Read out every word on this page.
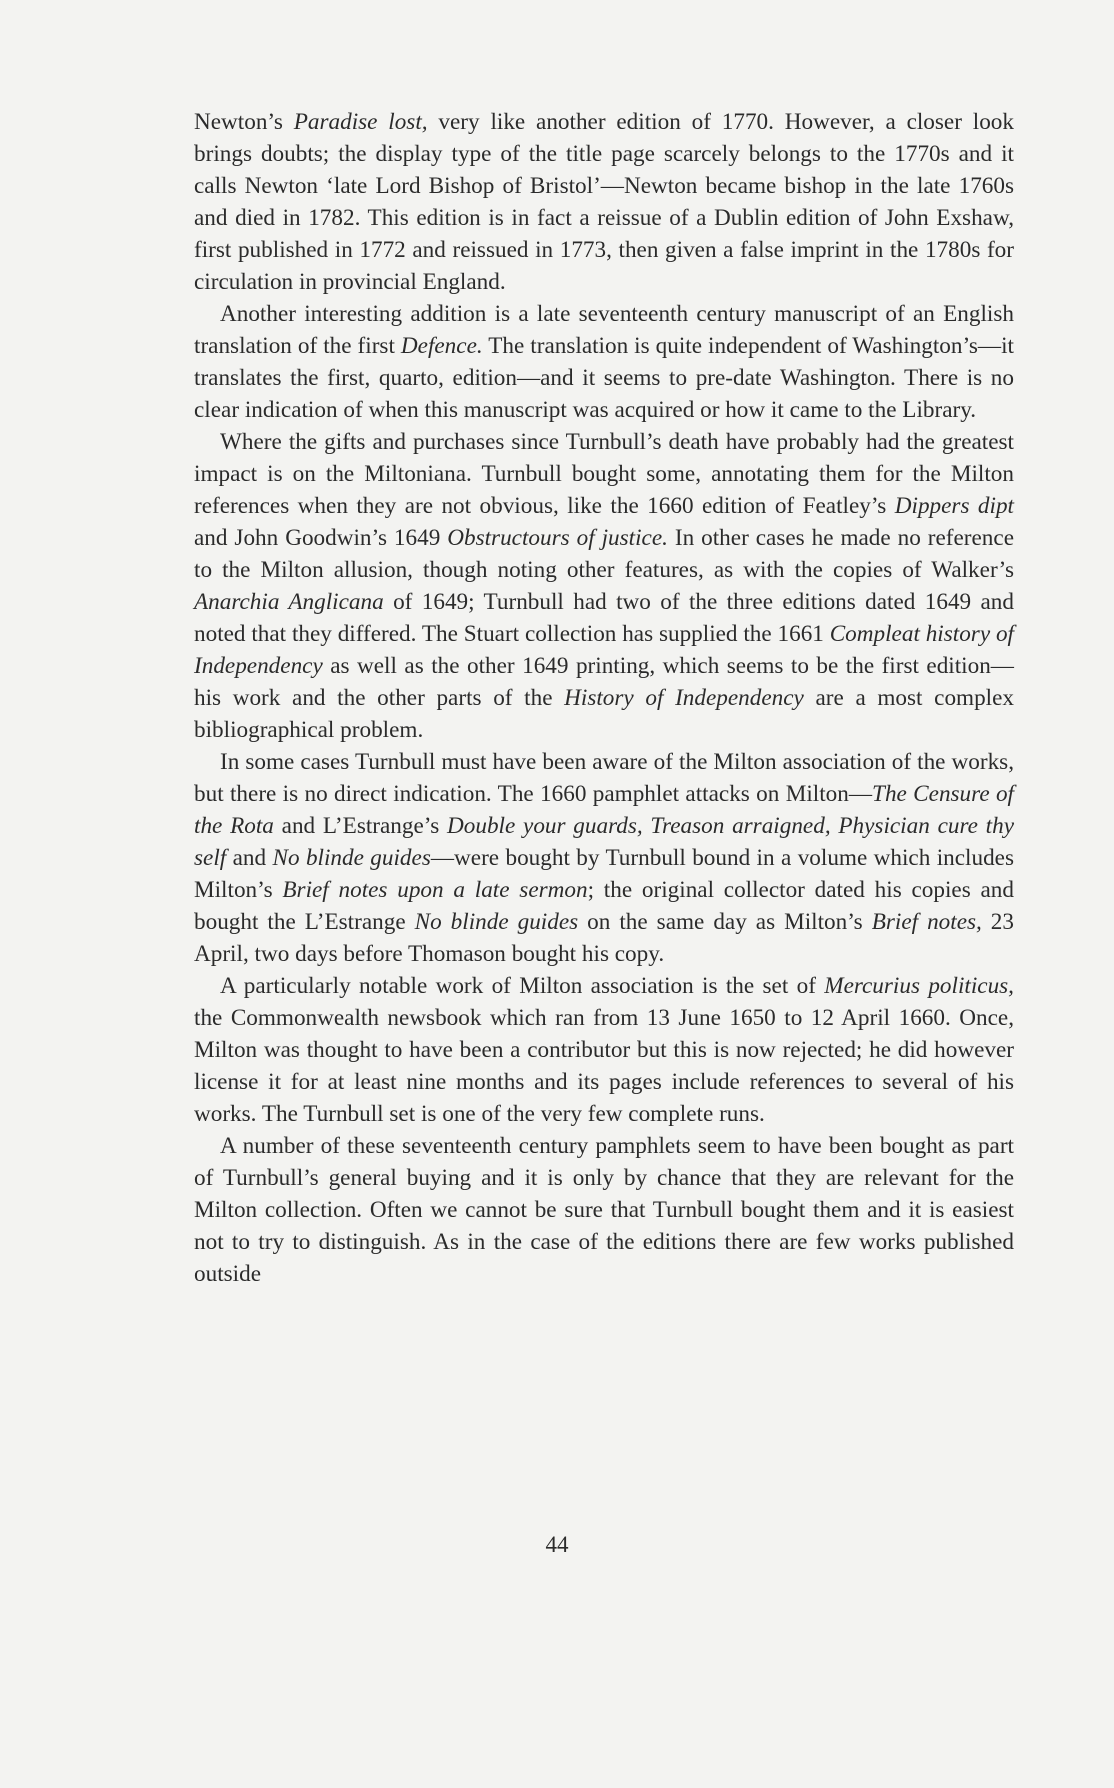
Newton’s Paradise lost, very like another edition of 1770. However, a closer look brings doubts; the display type of the title page scarcely belongs to the 1770s and it calls Newton ‘late Lord Bishop of Bristol’—Newton became bishop in the late 1760s and died in 1782. This edition is in fact a reissue of a Dublin edition of John Exshaw, first published in 1772 and reissued in 1773, then given a false imprint in the 1780s for circulation in provincial England.

Another interesting addition is a late seventeenth century manuscript of an English translation of the first Defence. The translation is quite independent of Washington’s—it translates the first, quarto, edition—and it seems to pre-date Washington. There is no clear indication of when this manuscript was acquired or how it came to the Library.

Where the gifts and purchases since Turnbull’s death have probably had the greatest impact is on the Miltoniana. Turnbull bought some, annotating them for the Milton references when they are not obvious, like the 1660 edition of Featley’s Dippers dipt and John Goodwin’s 1649 Obstructours of justice. In other cases he made no reference to the Milton allusion, though noting other features, as with the copies of Walker’s Anarchia Anglicana of 1649; Turnbull had two of the three editions dated 1649 and noted that they differed. The Stuart collection has supplied the 1661 Compleat history of Independency as well as the other 1649 printing, which seems to be the first edition—his work and the other parts of the History of Independency are a most complex bibliographical problem.

In some cases Turnbull must have been aware of the Milton association of the works, but there is no direct indication. The 1660 pamphlet attacks on Milton—The Censure of the Rota and L’Estrange’s Double your guards, Treason arraigned, Physician cure thy self and No blinde guides—were bought by Turnbull bound in a volume which includes Milton’s Brief notes upon a late sermon; the original collector dated his copies and bought the L’Estrange No blinde guides on the same day as Milton’s Brief notes, 23 April, two days before Thomason bought his copy.

A particularly notable work of Milton association is the set of Mercurius politicus, the Commonwealth newsbook which ran from 13 June 1650 to 12 April 1660. Once, Milton was thought to have been a contributor but this is now rejected; he did however license it for at least nine months and its pages include references to several of his works. The Turnbull set is one of the very few complete runs.

A number of these seventeenth century pamphlets seem to have been bought as part of Turnbull’s general buying and it is only by chance that they are relevant for the Milton collection. Often we cannot be sure that Turnbull bought them and it is easiest not to try to distinguish. As in the case of the editions there are few works published outside

44
